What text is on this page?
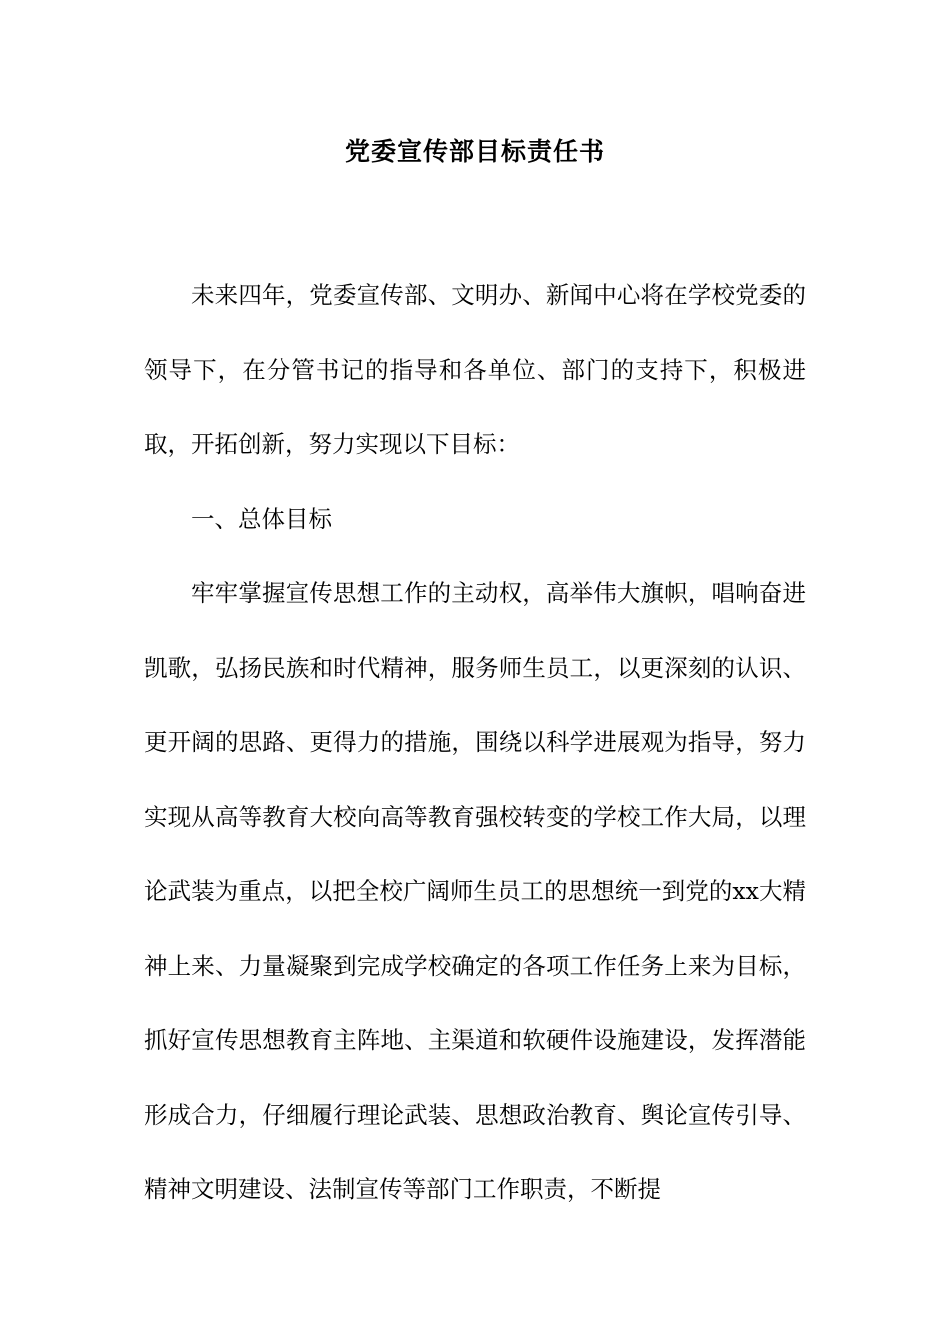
党委宣传部目标责任书

未来四年，党委宣传部、文明办、新闻中心将在学校党委的领导下，在分管书记的指导和各单位、部门的支持下，积极进取，开拓创新，努力实现以下目标：

一、总体目标

牢牢掌握宣传思想工作的主动权，高举伟大旗帜，唱响奋进凯歌，弘扬民族和时代精神，服务师生员工，以更深刻的认识、更开阔的思路、更得力的措施，围绕以科学进展观为指导，努力实现从高等教育大校向高等教育强校转变的学校工作大局，以理论武装为重点，以把全校广阔师生员工的思想统一到党的xx大精神上来、力量凝聚到完成学校确定的各项工作任务上来为目标，抓好宣传思想教育主阵地、主渠道和软硬件设施建设，发挥潜能形成合力，仔细履行理论武装、思想政治教育、舆论宣传引导、精神文明建设、法制宣传等部门工作职责，不断提
